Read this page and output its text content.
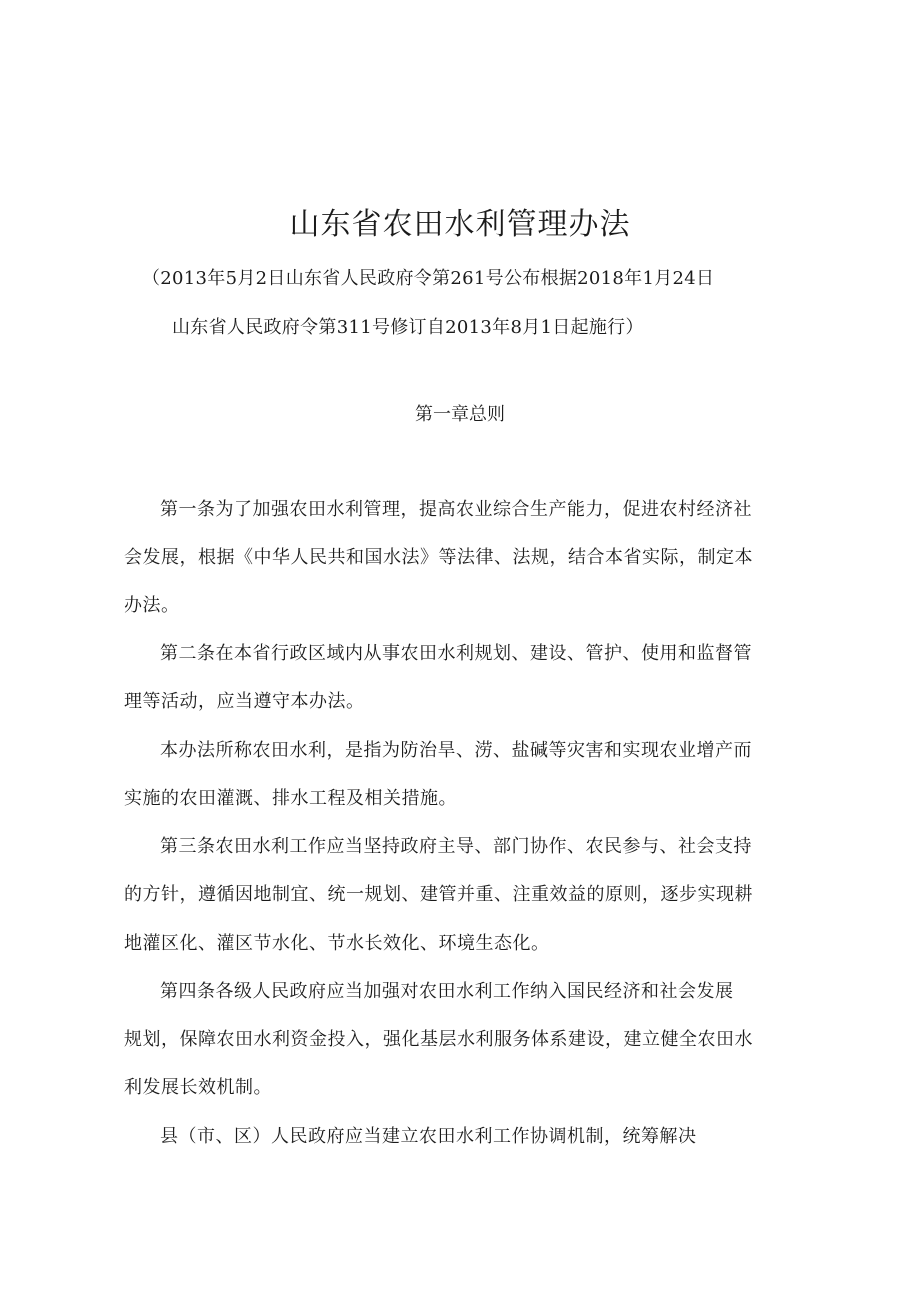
山东省农田水利管理办法
（2013年5月2日山东省人民政府令第261号公布根据2018年1月24日
山东省人民政府令第311号修订自2013年8月1日起施行）
第一章总则
第一条为了加强农田水利管理，提高农业综合生产能力，促进农村经济社
会发展，根据《中华人民共和国水法》等法律、法规，结合本省实际，制定本
办法。
第二条在本省行政区域内从事农田水利规划、建设、管护、使用和监督管
理等活动，应当遵守本办法。
本办法所称农田水利，是指为防治旱、涝、盐碱等灾害和实现农业增产而
实施的农田灌溉、排水工程及相关措施。
第三条农田水利工作应当坚持政府主导、部门协作、农民参与、社会支持
的方针，遵循因地制宜、统一规划、建管并重、注重效益的原则，逐步实现耕
地灌区化、灌区节水化、节水长效化、环境生态化。
第四条各级人民政府应当加强对农田水利工作纳入国民经济和社会发展
规划，保障农田水利资金投入，强化基层水利服务体系建设，建立健全农田水
利发展长效机制。
县（市、区）人民政府应当建立农田水利工作协调机制，统筹解决
